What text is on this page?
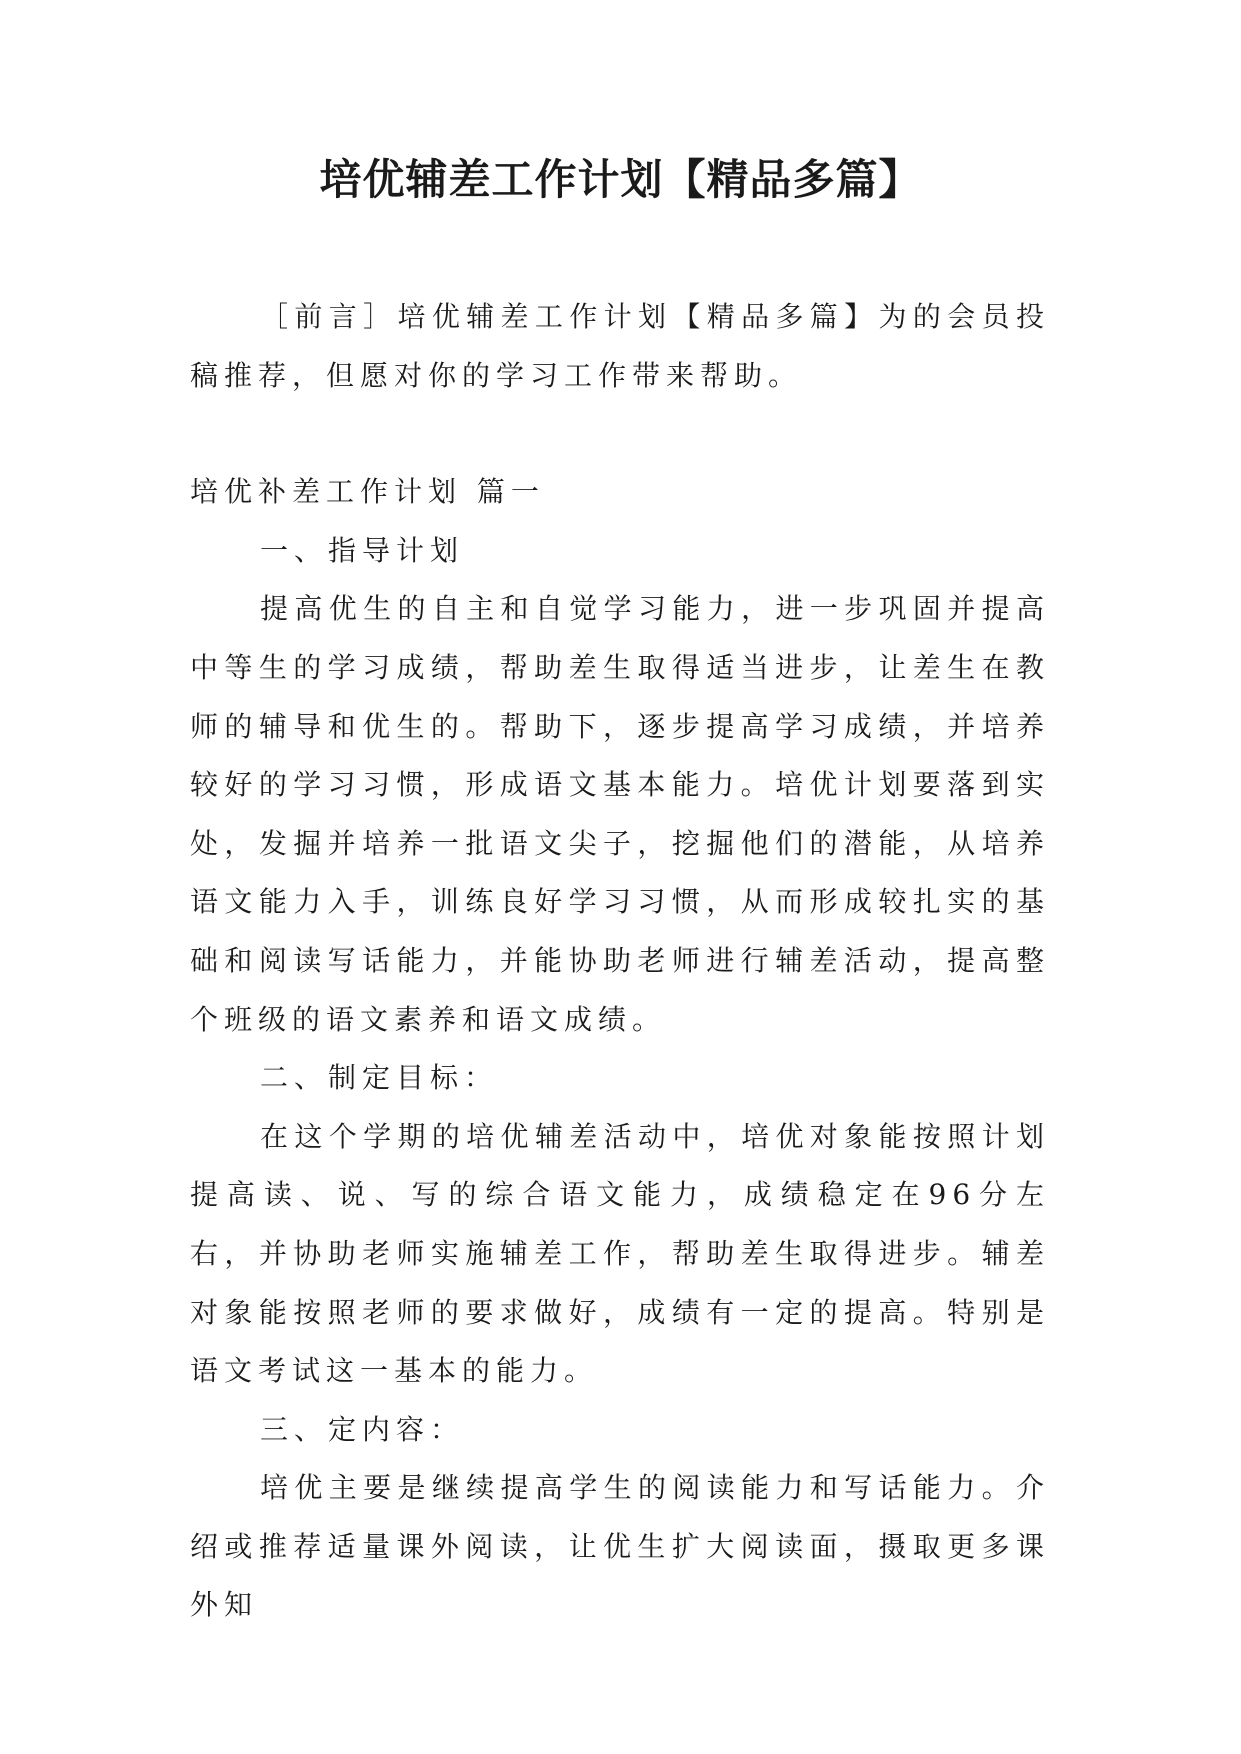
培优辅差工作计划【精品多篇】

［前言］培优辅差工作计划【精品多篇】为的会员投稿推荐，但愿对你的学习工作带来帮助。

培优补差工作计划 篇一

一、指导计划

提高优生的自主和自觉学习能力，进一步巩固并提高中等生的学习成绩，帮助差生取得适当进步，让差生在教师的辅导和优生的。帮助下，逐步提高学习成绩，并培养较好的学习习惯，形成语文基本能力。培优计划要落到实处，发掘并培养一批语文尖子，挖掘他们的潜能，从培养语文能力入手，训练良好学习习惯，从而形成较扎实的基础和阅读写话能力，并能协助老师进行辅差活动，提高整个班级的语文素养和语文成绩。

二、制定目标：

在这个学期的培优辅差活动中，培优对象能按照计划提高读、说、写的综合语文能力，成绩稳定在96分左右，并协助老师实施辅差工作，帮助差生取得进步。辅差对象能按照老师的要求做好，成绩有一定的提高。特别是语文考试这一基本的能力。

三、定内容：

培优主要是继续提高学生的阅读能力和写话能力。介绍或推荐适量课外阅读，让优生扩大阅读面，摄取更多课外知
